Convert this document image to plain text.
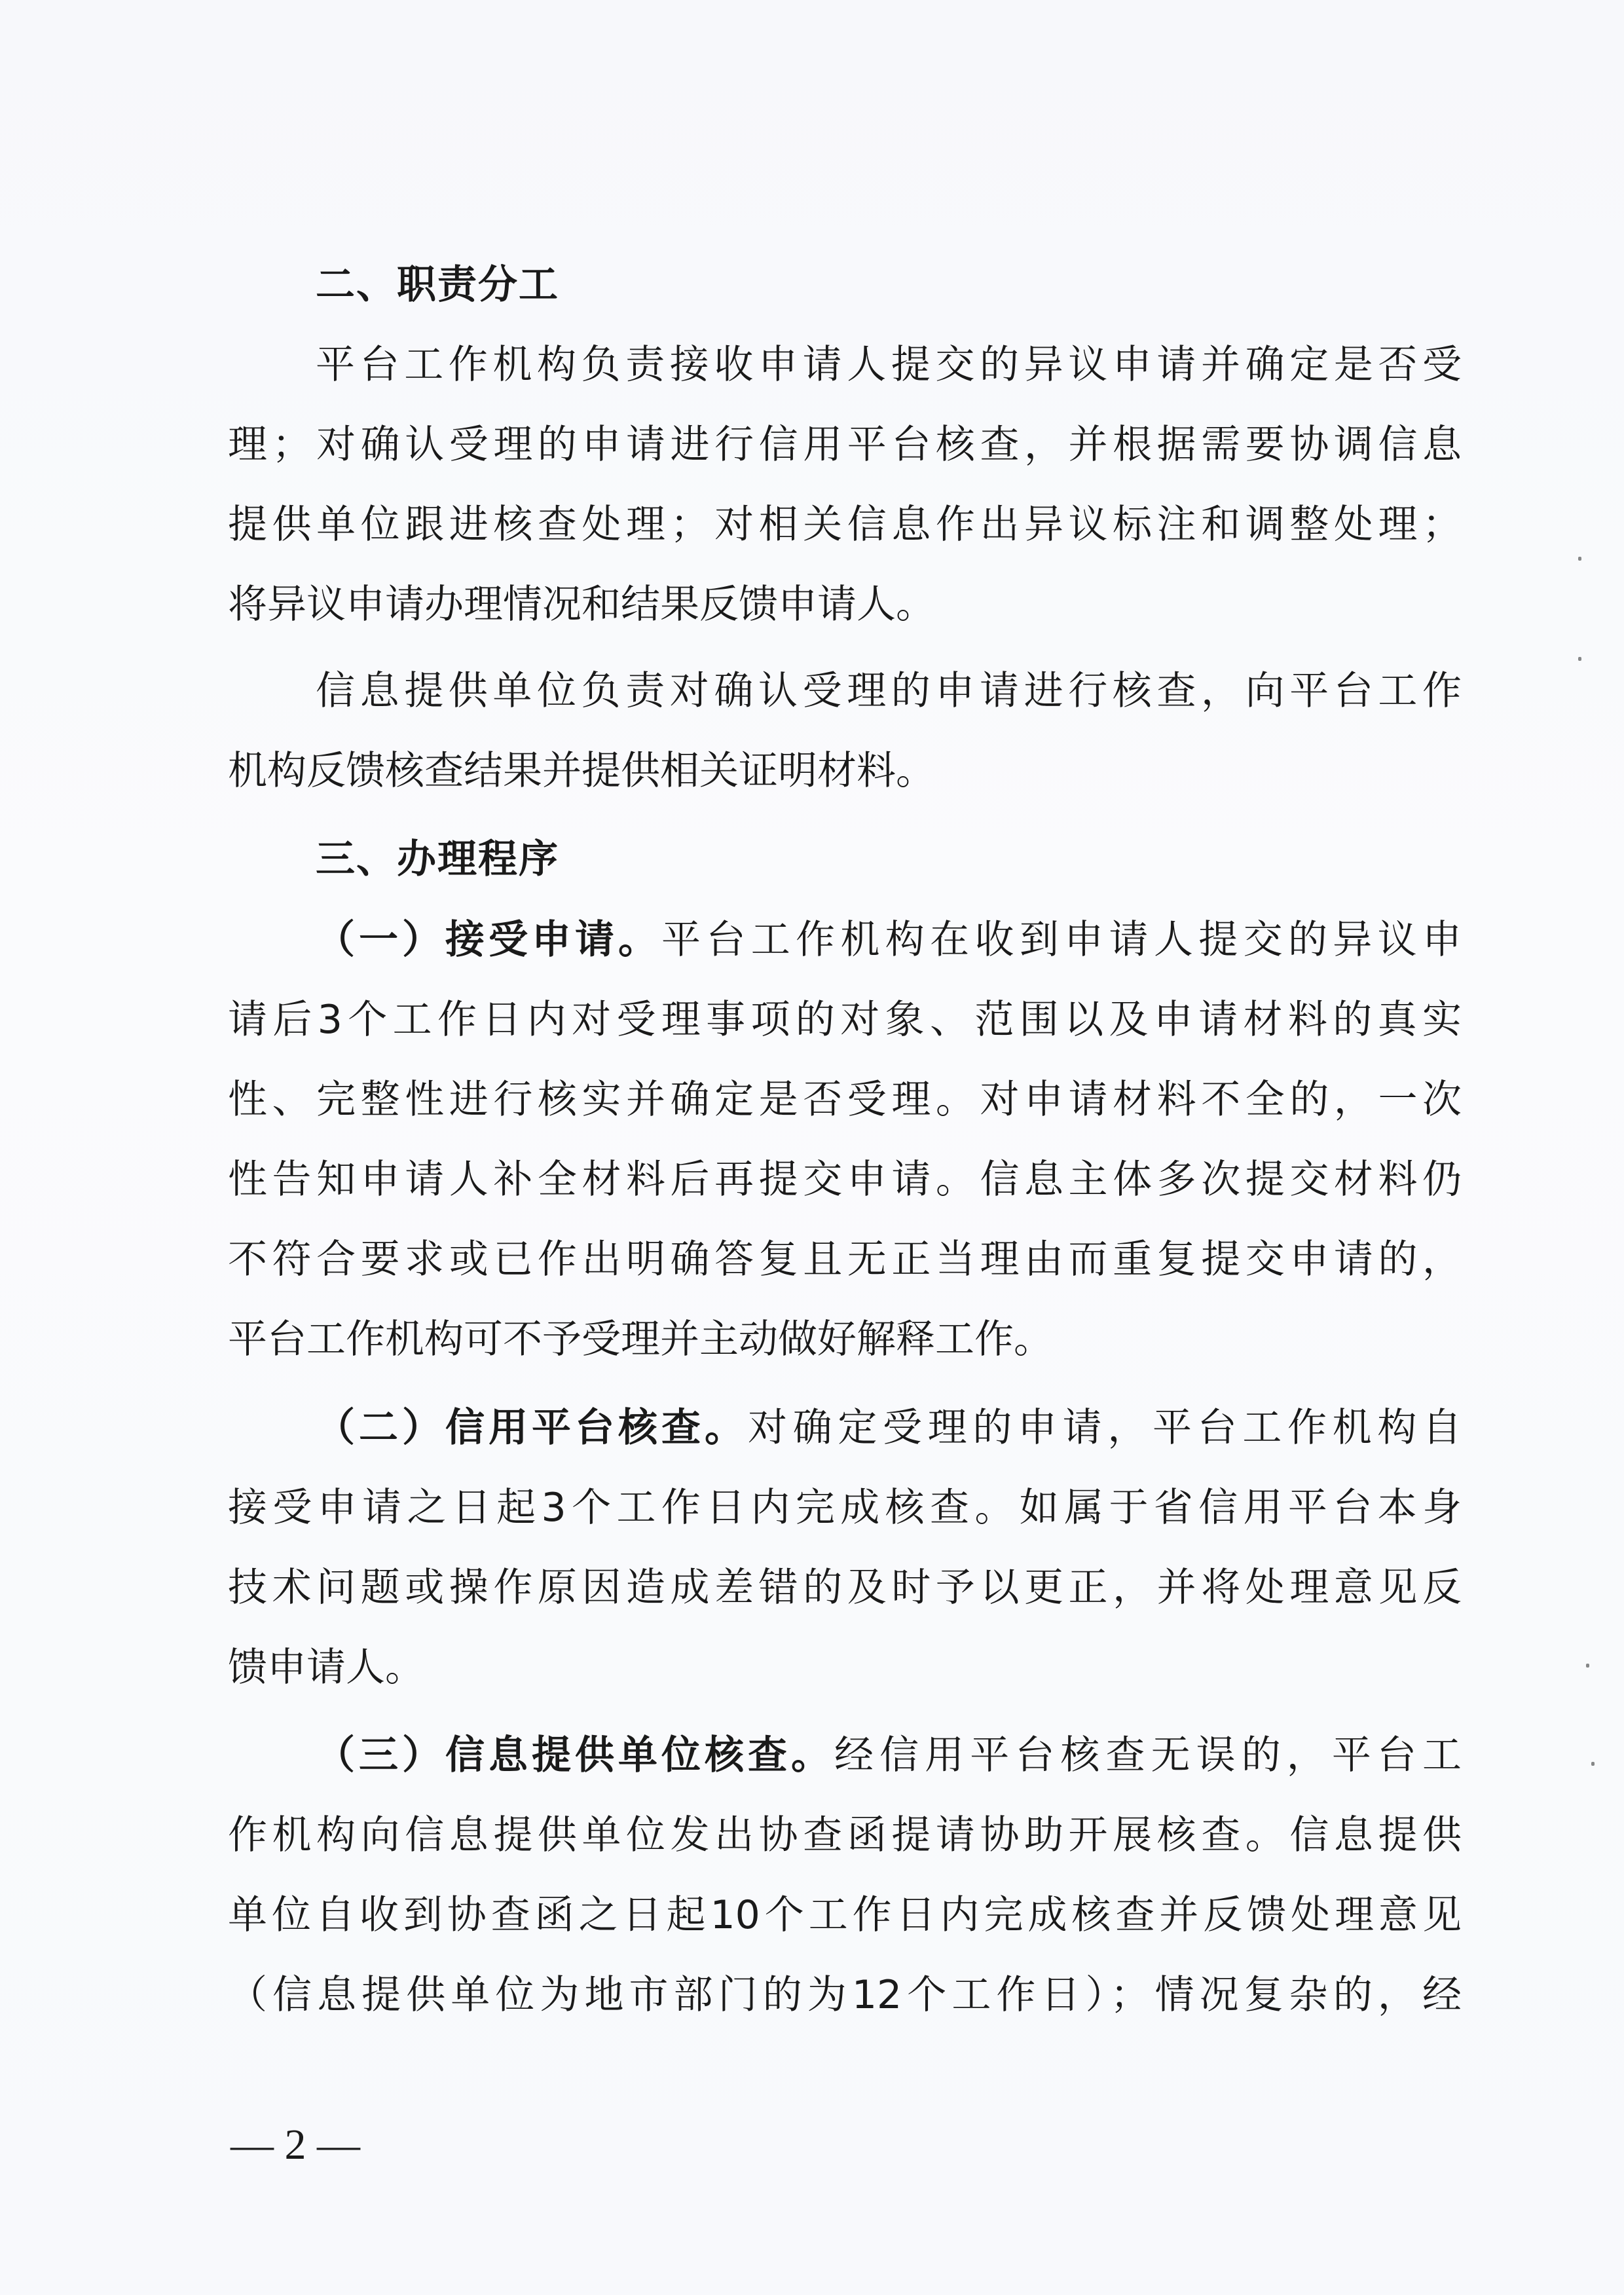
二、职责分工
平台工作机构负责接收申请人提交的异议申请并确定是否受
理；对确认受理的申请进行信用平台核查，并根据需要协调信息
提供单位跟进核查处理；对相关信息作出异议标注和调整处理；
将异议申请办理情况和结果反馈申请人。
信息提供单位负责对确认受理的申请进行核查，向平台工作
机构反馈核查结果并提供相关证明材料。
三、办理程序
（一）接受申请。 平台工作机构在收到申请人提交的异议申
请后3个工作日内对受理事项的对象、范围以及申请材料的真实
性、完整性进行核实并确定是否受理。对申请材料不全的，一次
性告知申请人补全材料后再提交申请。信息主体多次提交材料仍
不符合要求或已作出明确答复且无正当理由而重复提交申请的，
平台工作机构可不予受理并主动做好解释工作。
（二）信用平台核查。 对确定受理的申请，平台工作机构自
接受申请之日起3个工作日内完成核查。如属于省信用平台本身
技术问题或操作原因造成差错的及时予以更正，并将处理意见反
馈申请人。
（三）信息提供单位核查。 经信用平台核查无误的，平台工
作机构向信息提供单位发出协查函提请协助开展核查。信息提供
单位自收到协查函之日起10个工作日内完成核查并反馈处理意见
（信息提供单位为地市部门的为12个工作日）；情况复杂的，经
— 2 —
